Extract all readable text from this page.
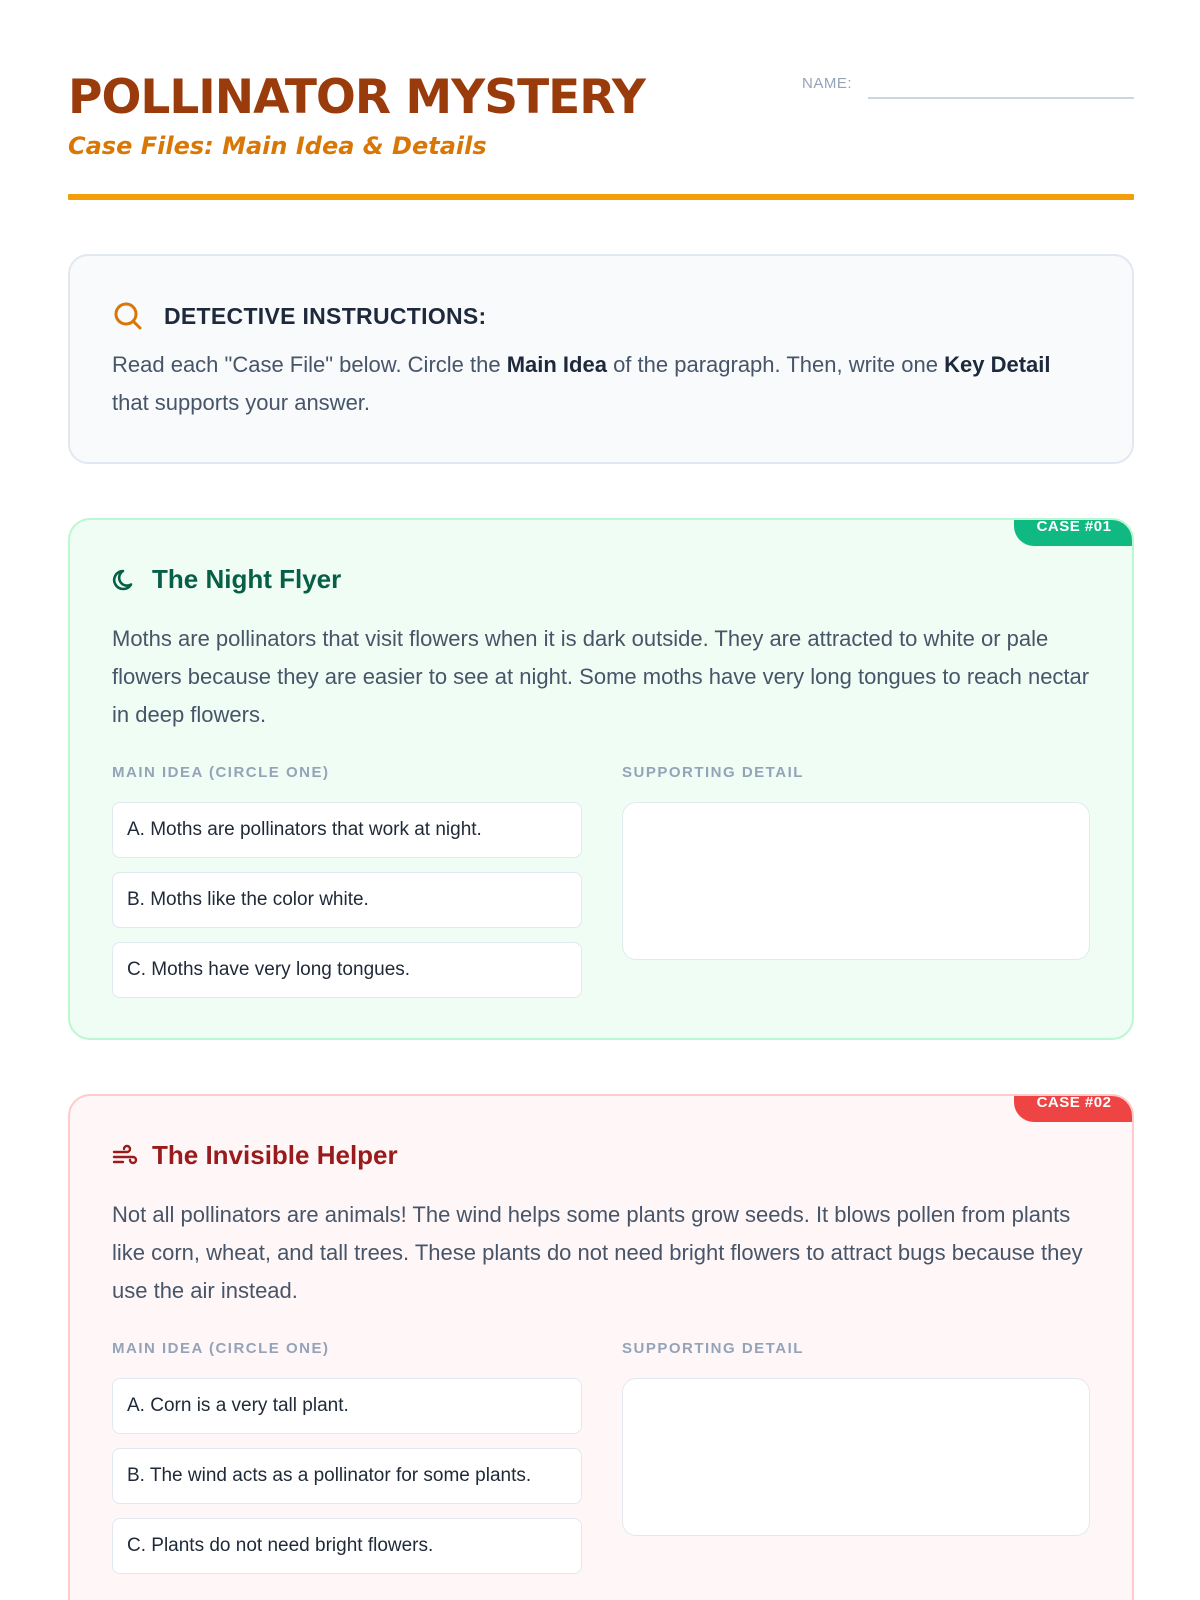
POLLINATOR MYSTERY
Case Files: Main Idea & Details
NAME:
DETECTIVE INSTRUCTIONS:
Read each "Case File" below. Circle the Main Idea of the paragraph. Then, write one Key Detail that supports your answer.
CASE #01
The Night Flyer
Moths are pollinators that visit flowers when it is dark outside. They are attracted to white or pale flowers because they are easier to see at night. Some moths have very long tongues to reach nectar in deep flowers.
MAIN IDEA (CIRCLE ONE)	SUPPORTING DETAIL
A. Moths are pollinators that work at night.
B. Moths like the color white.
C. Moths have very long tongues.
CASE #02
The Invisible Helper
Not all pollinators are animals! The wind helps some plants grow seeds. It blows pollen from plants like corn, wheat, and tall trees. These plants do not need bright flowers to attract bugs because they use the air instead.
MAIN IDEA (CIRCLE ONE)	SUPPORTING DETAIL
A. Corn is a very tall plant.
B. The wind acts as a pollinator for some plants.
C. Plants do not need bright flowers.
